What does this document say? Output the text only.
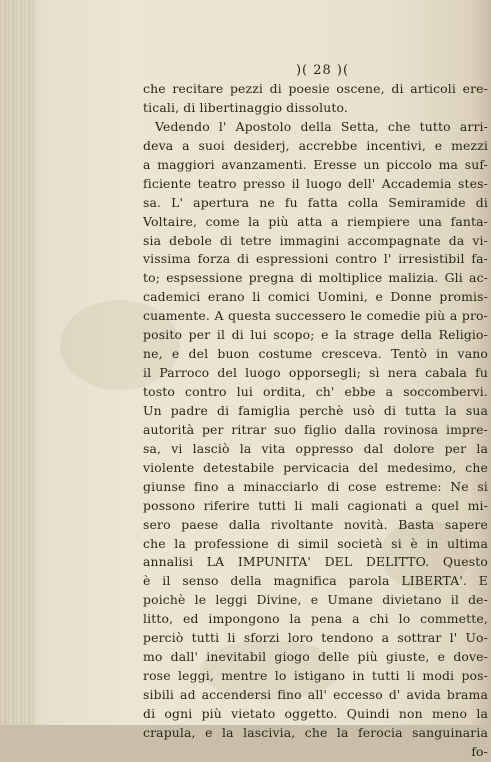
)( 28 )(
che recitare pezzi di poesie oscene, di articoli ere-
ticali, di libertinaggio dissoluto.
Vedendo l' Apostolo della Setta, che tutto arri-
deva a suoi desiderj, accrebbe incentivi, e mezzi
a maggiori avanzamenti. Eresse un piccolo ma suf-
ficiente teatro presso il luogo dell' Accademia stes-
sa. L' apertura ne fu fatta colla Semiramide di
Voltaire, come la più atta a riempiere una fanta-
sia debole di tetre immagini accompagnate da vi-
vissima forza di espressioni contro l' irresistibil fa-
to; espsessione pregna di moltiplice malizia. Gli ac-
cademici erano li comici Uomini, e Donne promis-
cuamente. A questa successero le comedie più a pro-
posito per il di lui scopo; e la strage della Religio-
ne, e del buon costume cresceva. Tentò in vano
il Parroco del luogo opporsegli; sì nera cabala fu
tosto contro lui ordita, ch' ebbe a soccombervi.
Un padre di famiglia perchè usò di tutta la sua
autorità per ritrar suo figlio dalla rovinosa impre-
sa, vi lasciò la vita oppresso dal dolore per la
violente detestabile pervicacia del medesimo, che
giunse fino a minacciarlo di cose estreme: Ne si
possono riferire tutti li mali cagionati a quel mi-
sero paese dalla rivoltante novità. Basta sapere
che la professione di simil società si è in ultima
annalisi LA IMPUNITA' DEL DELITTO. Questo
è il senso della magnifica parola LIBERTA'. E
poichè le leggi Divine, e Umane divietano il de-
litto, ed impongono la pena a chi lo commette,
perciò tutti li sforzi loro tendono a sottrar l' Uo-
mo dall' inevitabil giogo delle più giuste, e dove-
rose leggi, mentre lo istigano in tutti li modi pos-
sibili ad accendersi fino all' eccesso d' avida brama
di ogni più vietato oggetto. Quindi non meno la
crapula, e la lascivia, che la ferocia sanguinaria
fo-
